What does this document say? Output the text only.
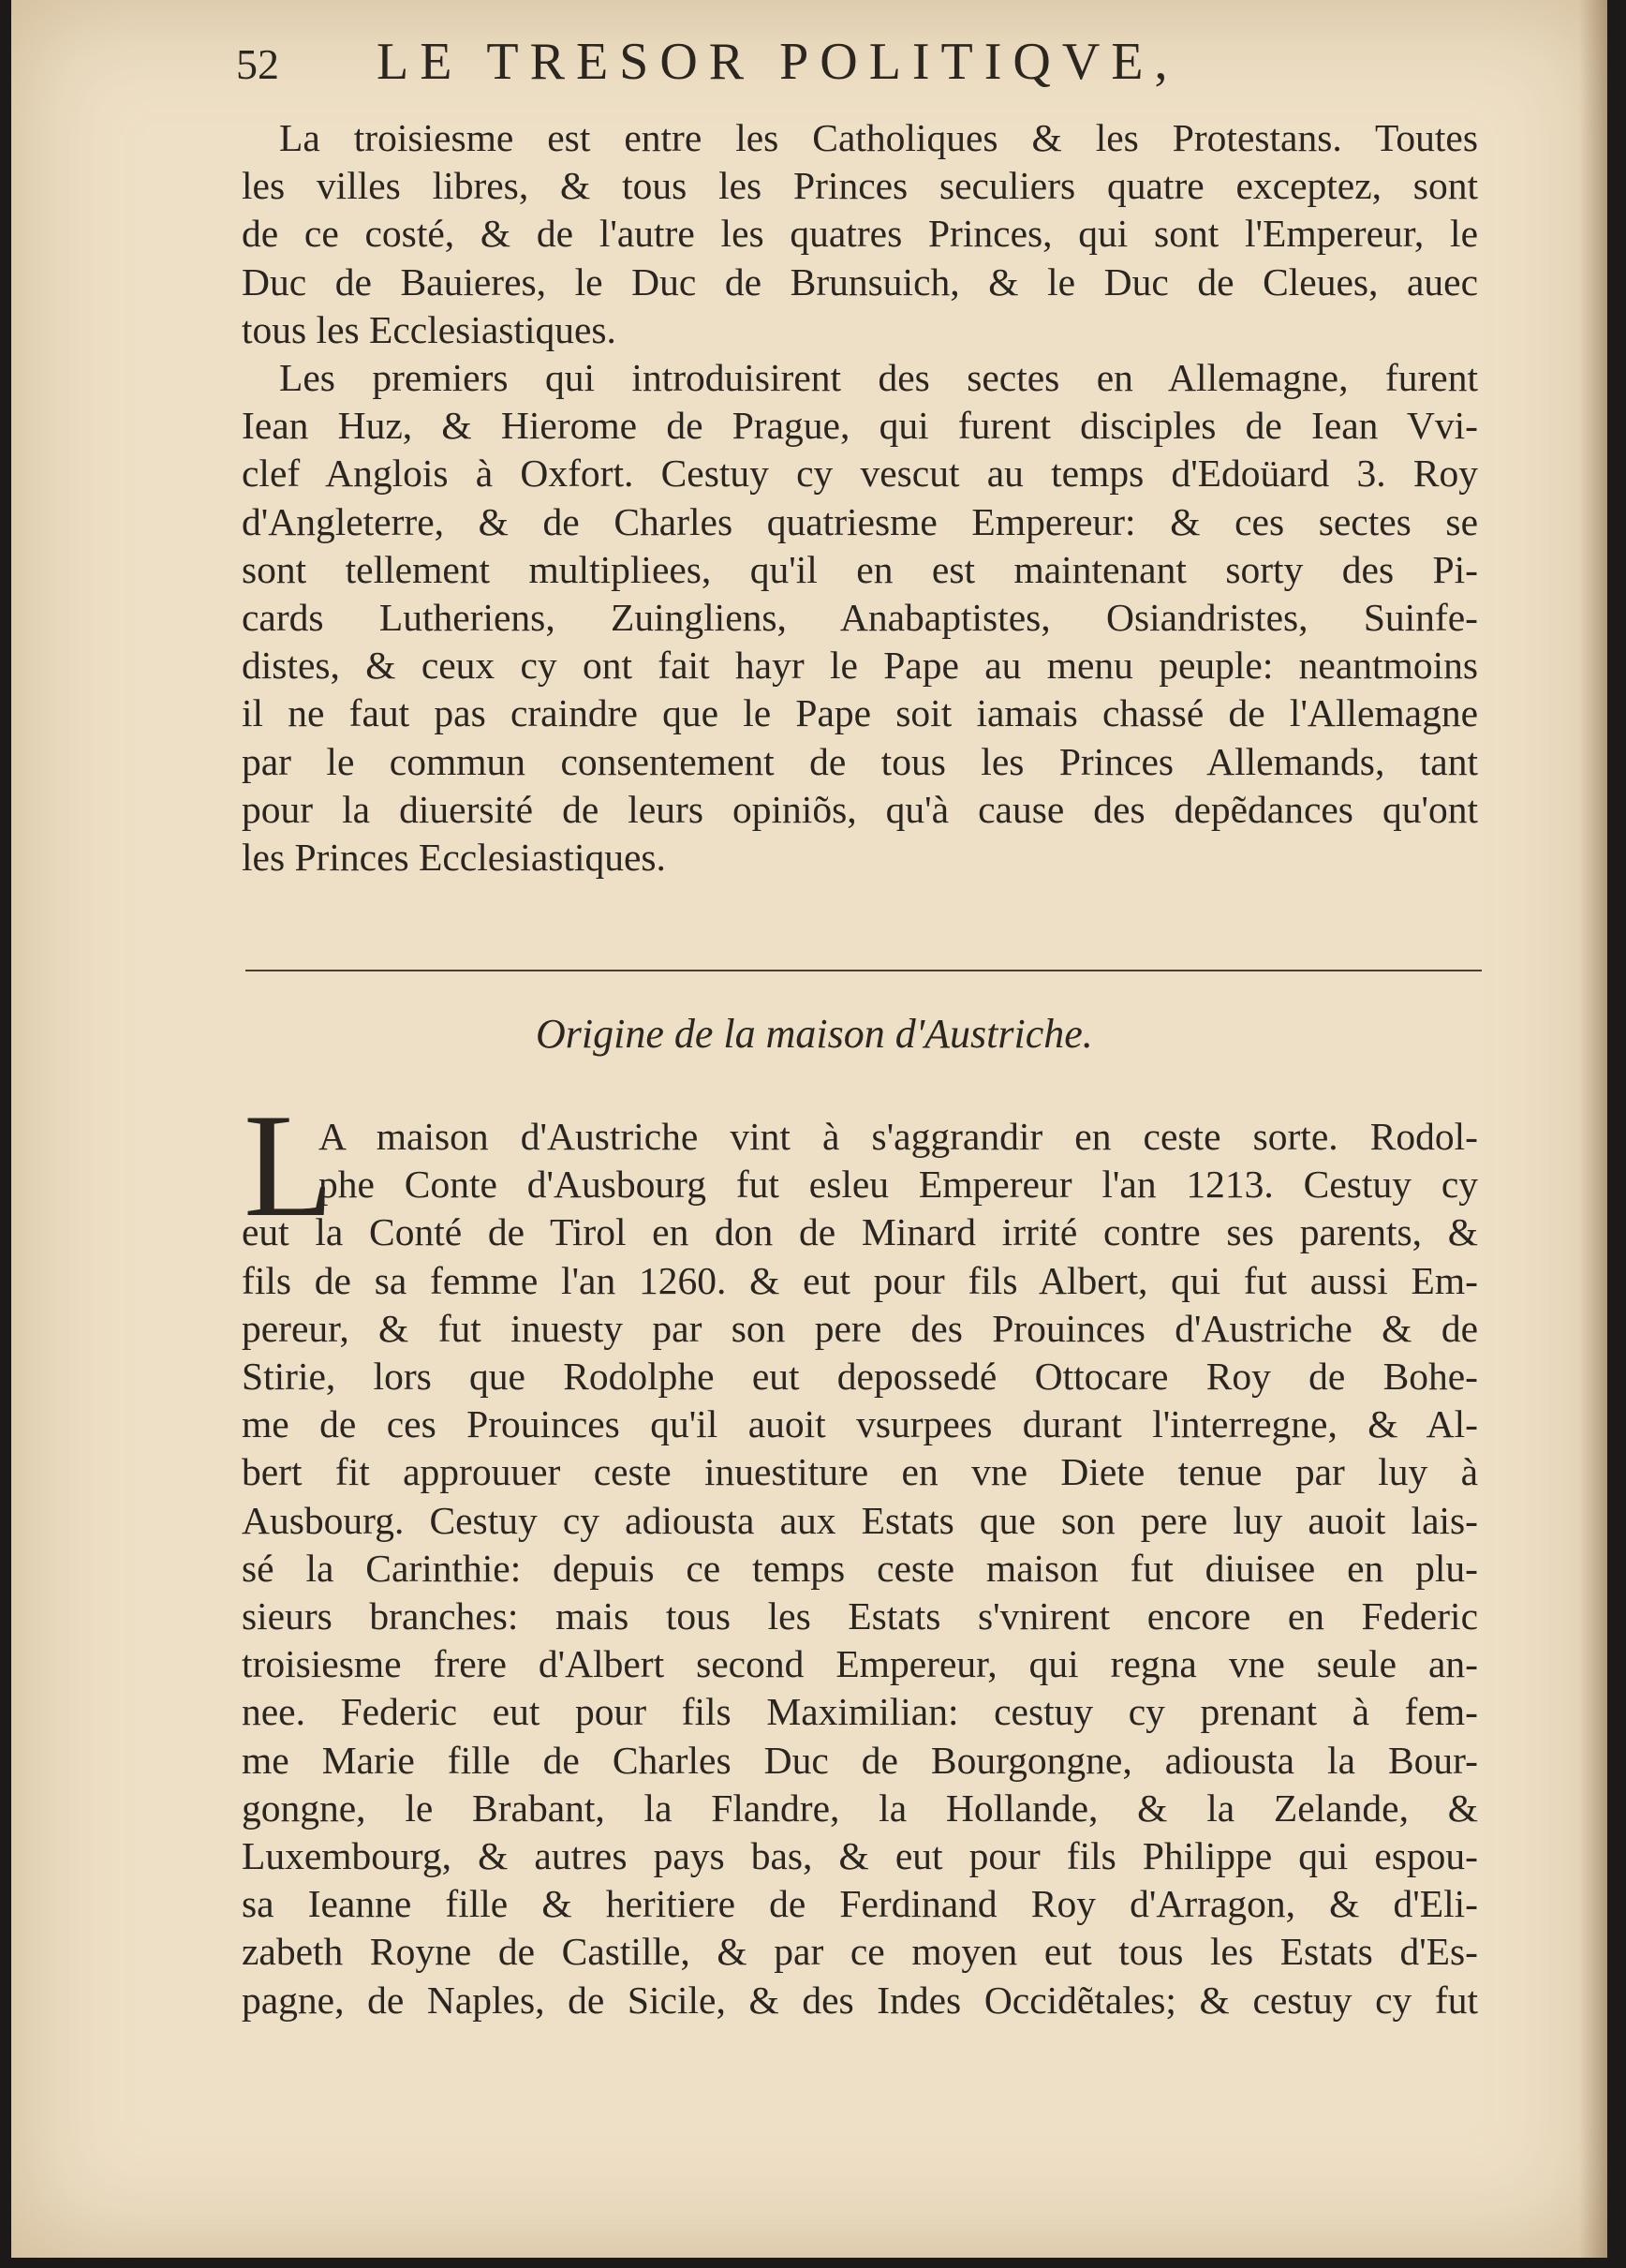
52	LE TRESOR POLITIQVE,
La troisiesme est entre les Catholiques & les Protestans. Toutes
les villes libres, & tous les Princes seculiers quatre exceptez, sont
de ce costé, & de l'autre les quatres Princes, qui sont l'Empereur, le
Duc de Bauieres, le Duc de Brunsuich, & le Duc de Cleues, auec
tous les Ecclesiastiques.
Les premiers qui introduisirent des sectes en Allemagne, furent
Iean Huz, & Hierome de Prague, qui furent disciples de Iean Vvi-
clef Anglois à Oxfort. Cestuy cy vescut au temps d'Edoüard 3. Roy
d'Angleterre, & de Charles quatriesme Empereur: & ces sectes se
sont tellement multipliees, qu'il en est maintenant sorty des Pi-
cards Lutheriens, Zuingliens, Anabaptistes, Osiandristes, Suinfe-
distes, & ceux cy ont fait hayr le Pape au menu peuple: neantmoins
il ne faut pas craindre que le Pape soit iamais chassé de l'Allemagne
par le commun consentement de tous les Princes Allemands, tant
pour la diuersité de leurs opiniõs, qu'à cause des depẽdances qu'ont
les Princes Ecclesiastiques.
Origine de la maison d'Austriche.
L
A maison d'Austriche vint à s'aggrandir en ceste sorte. Rodol-
phe Conte d'Ausbourg fut esleu Empereur l'an 1213. Cestuy cy
eut la Conté de Tirol en don de Minard irrité contre ses parents, &
fils de sa femme l'an 1260. & eut pour fils Albert, qui fut aussi Em-
pereur, & fut inuesty par son pere des Prouinces d'Austriche & de
Stirie, lors que Rodolphe eut depossedé Ottocare Roy de Bohe-
me de ces Prouinces qu'il auoit vsurpees durant l'interregne, & Al-
bert fit approuuer ceste inuestiture en vne Diete tenue par luy à
Ausbourg. Cestuy cy adiousta aux Estats que son pere luy auoit lais-
sé la Carinthie: depuis ce temps ceste maison fut diuisee en plu-
sieurs branches: mais tous les Estats s'vnirent encore en Federic
troisiesme frere d'Albert second Empereur, qui regna vne seule an-
nee. Federic eut pour fils Maximilian: cestuy cy prenant à fem-
me Marie fille de Charles Duc de Bourgongne, adiousta la Bour-
gongne, le Brabant, la Flandre, la Hollande, & la Zelande, &
Luxembourg, & autres pays bas, & eut pour fils Philippe qui espou-
sa Ieanne fille & heritiere de Ferdinand Roy d'Arragon, & d'Eli-
zabeth Royne de Castille, & par ce moyen eut tous les Estats d'Es-
pagne, de Naples, de Sicile, & des Indes Occidẽtales; & cestuy cy fut
